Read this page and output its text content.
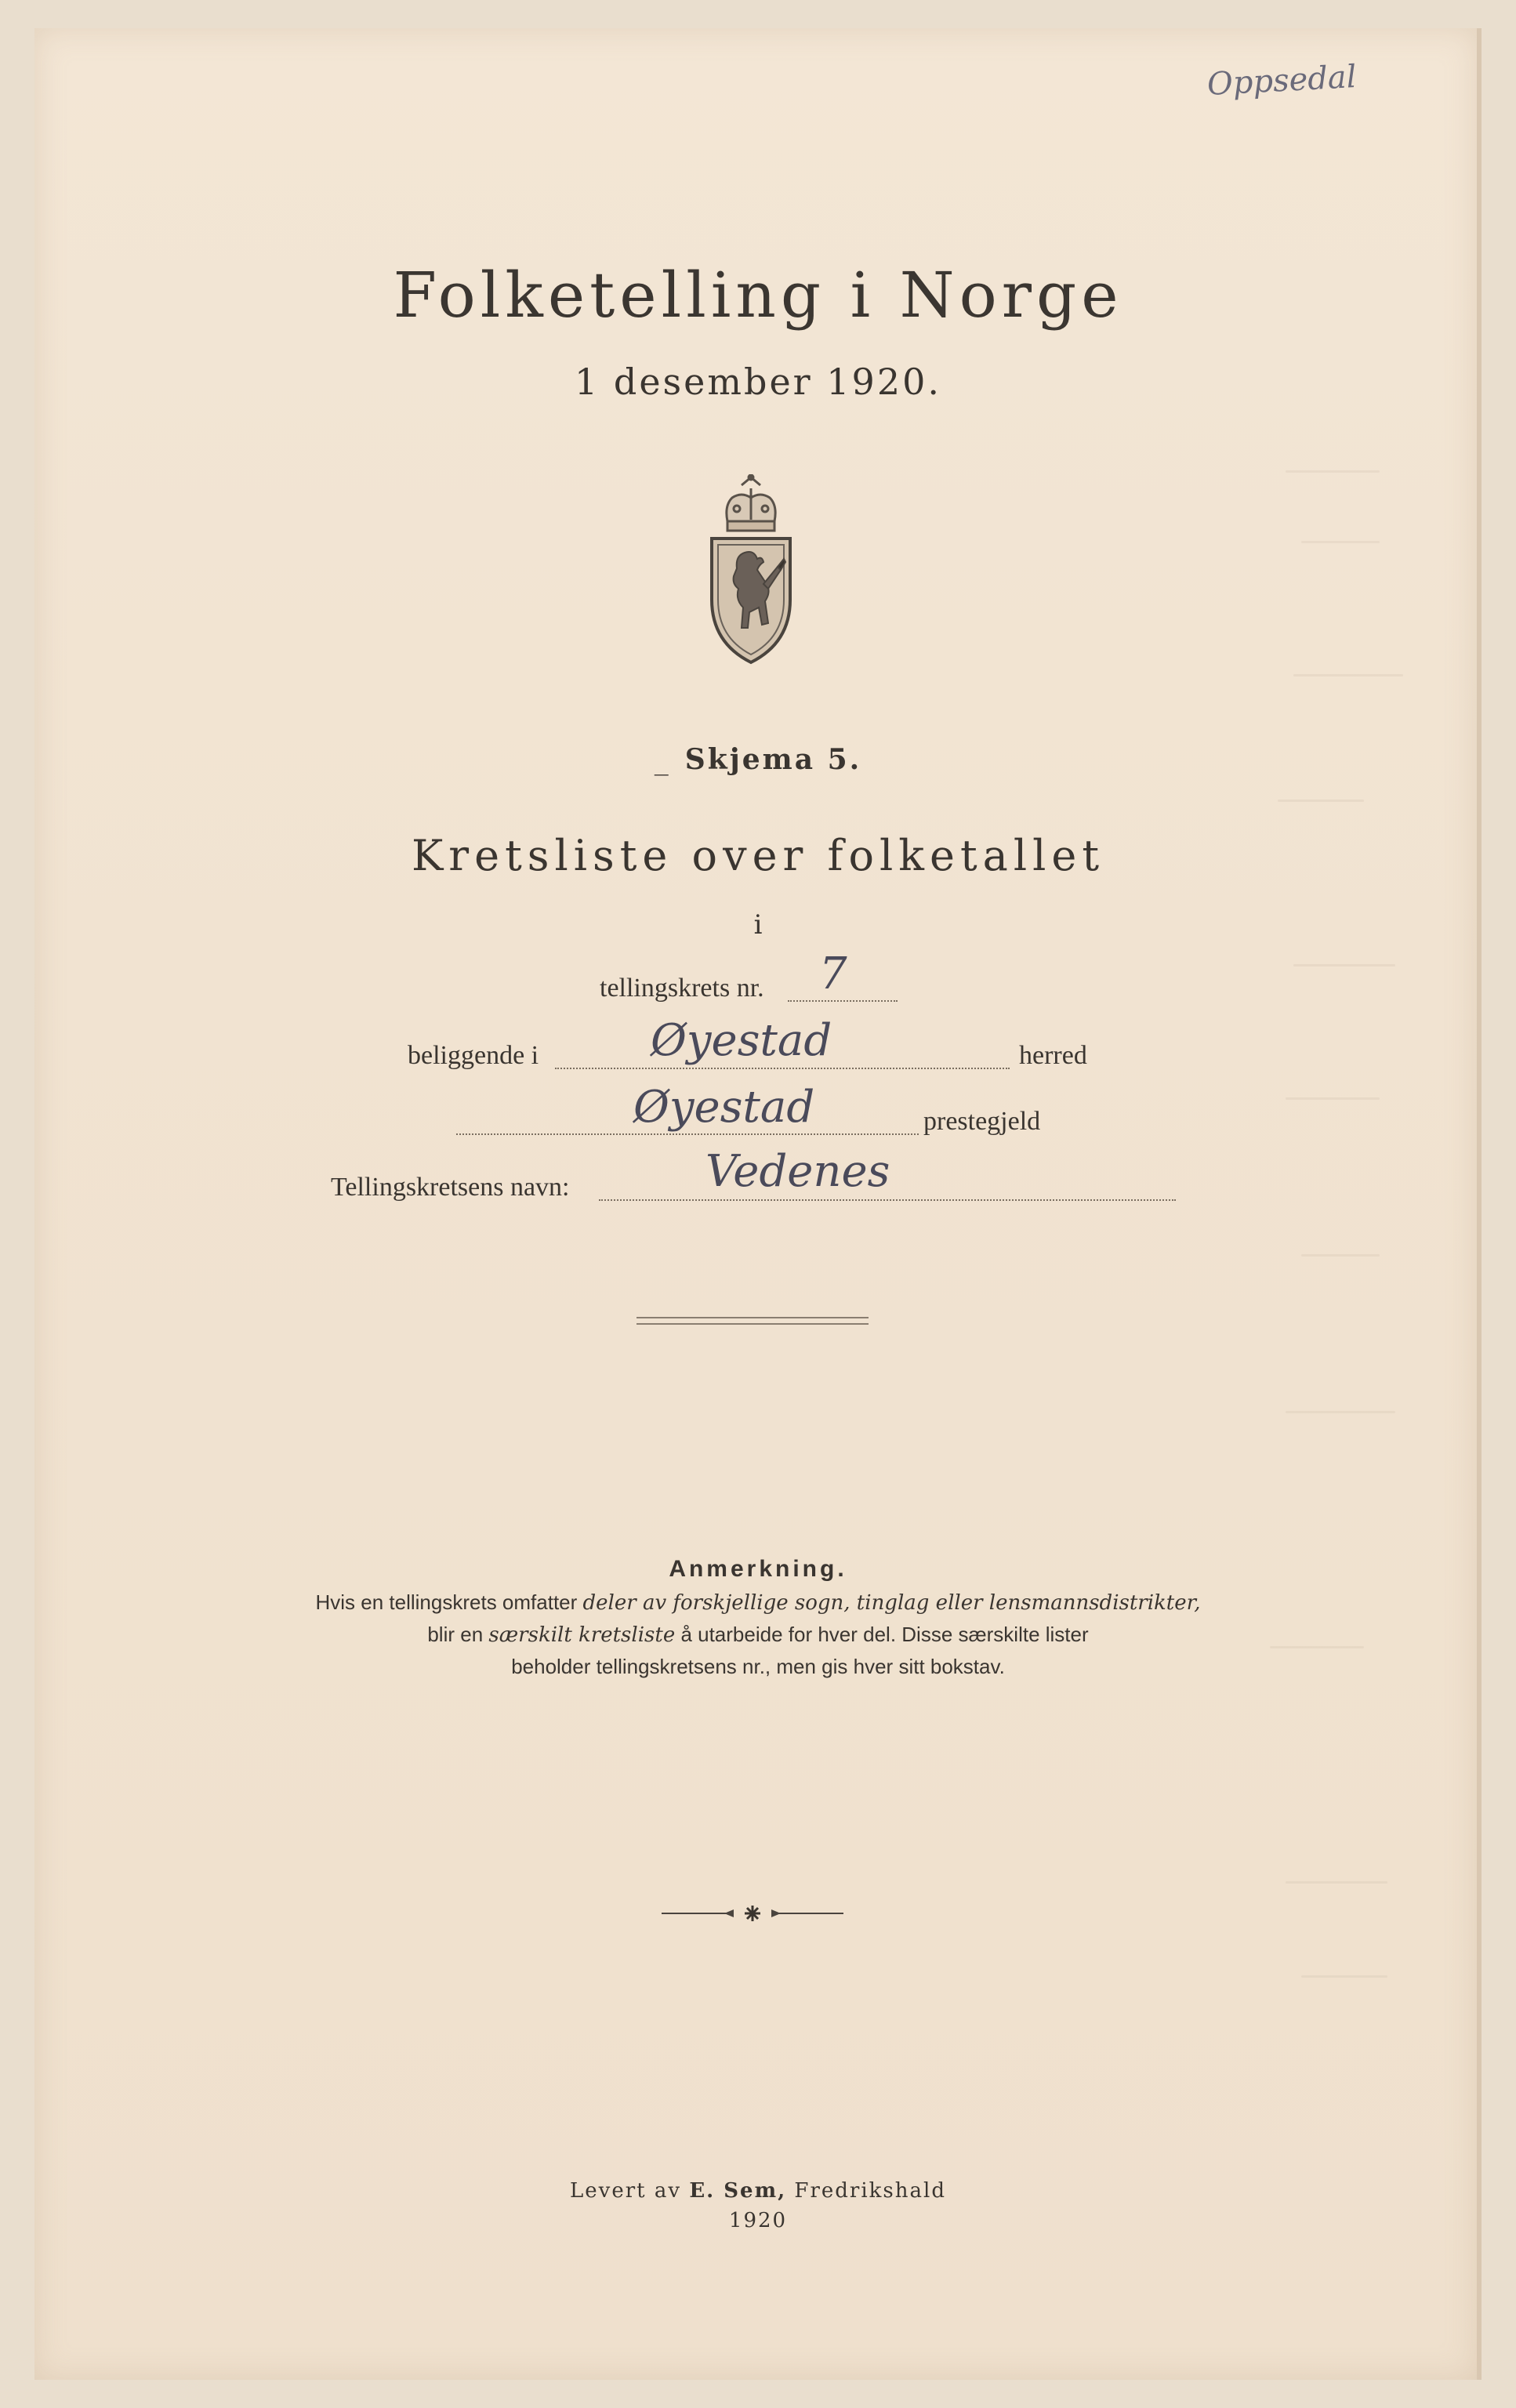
Oppsedal
Folketelling i Norge
1 desember 1920.
_ Skjema 5.
Kretsliste over folketallet
i
tellingskrets nr. 7
beliggende i	Øyestad	herred
Øyestad	prestegjeld
Tellingskretsens navn:	Vedenes
Anmerkning.
Hvis en tellingskrets omfatter deler av forskjellige sogn, tinglag eller lensmannsdistrikter,
blir en særskilt kretsliste å utarbeide for hver del. Disse særskilte lister
beholder tellingskretsens nr., men gis hver sitt bokstav.
Levert av E. Sem, Fredrikshald
1920
